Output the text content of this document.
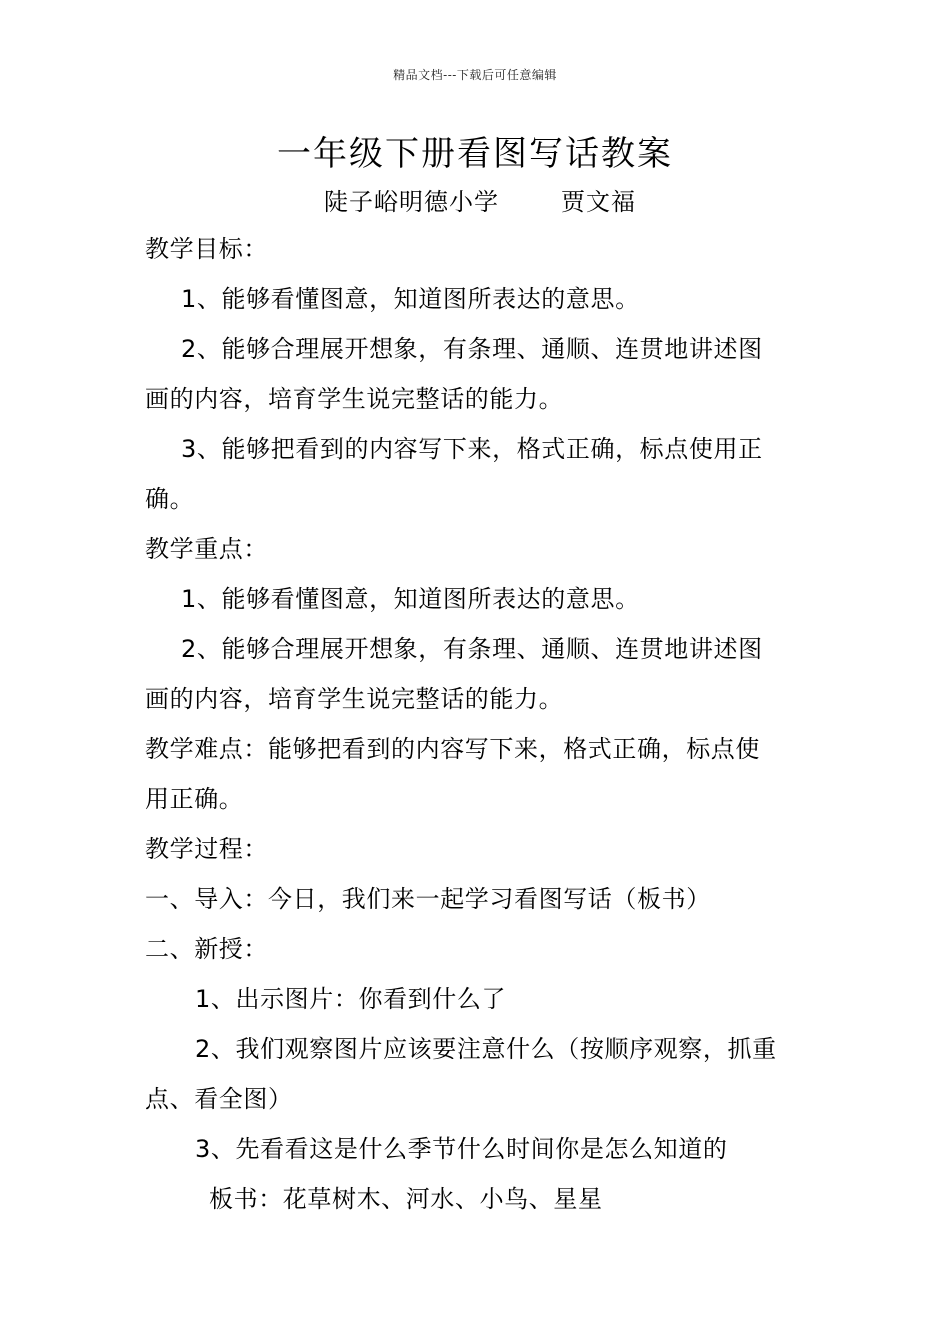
精品文档---下载后可任意编辑
一年级下册看图写话教案
陡子峪明德小学	贾文福
教学目标：
1、能够看懂图意，知道图所表达的意思。
2、能够合理展开想象，有条理、通顺、连贯地讲述图
画的内容，培育学生说完整话的能力。
3、能够把看到的内容写下来，格式正确，标点使用正
确。
教学重点：
1、能够看懂图意，知道图所表达的意思。
2、能够合理展开想象，有条理、通顺、连贯地讲述图
画的内容，培育学生说完整话的能力。
教学难点：能够把看到的内容写下来，格式正确，标点使
用正确。
教学过程：
一、导入：今日，我们来一起学习看图写话（板书）
二、新授：
1、出示图片：你看到什么了
2、我们观察图片应该要注意什么（按顺序观察，抓重
点、看全图）
3、先看看这是什么季节什么时间你是怎么知道的
板书：花草树木、河水、小鸟、星星
